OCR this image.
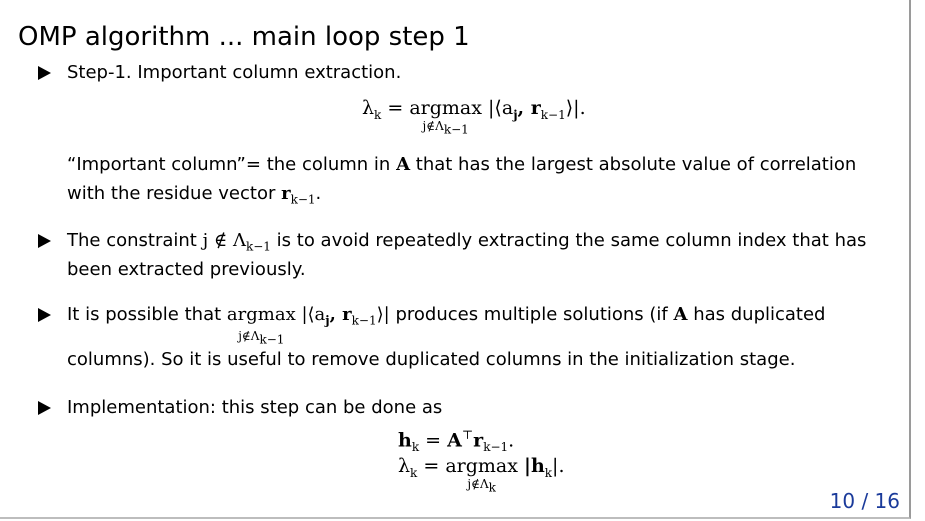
OMP algorithm ... main loop step 1
Step-1. Important column extraction.
$\lambda_k = argmax$
$j\notin\Lambda_{k-1}$
$|⟨a_j$, $r_{k-1}⟩|$.
“Important column”= the column in A that has the largest absolute value of correlation
with the residue vector $r_{k-1}$.
The constraint j ∉ $\Lambda_{k-1}$ is to avoid repeatedly extracting the same column index that has
been extracted previously.
It is possible that argmax
$j\notin\Lambda_{k-1}$
$|⟨a_j$, $r_{k-1}⟩|$ produces multiple solutions (if A has duplicated
columns). So it is useful to remove duplicated columns in the initialization stage.
Implementation: this step can be done as
$h_k = A^⊤r_{k-1}$.
$\lambda_k = argmax$
$j\notin\Lambda_k$
$|h_k|$.
10 / 16
